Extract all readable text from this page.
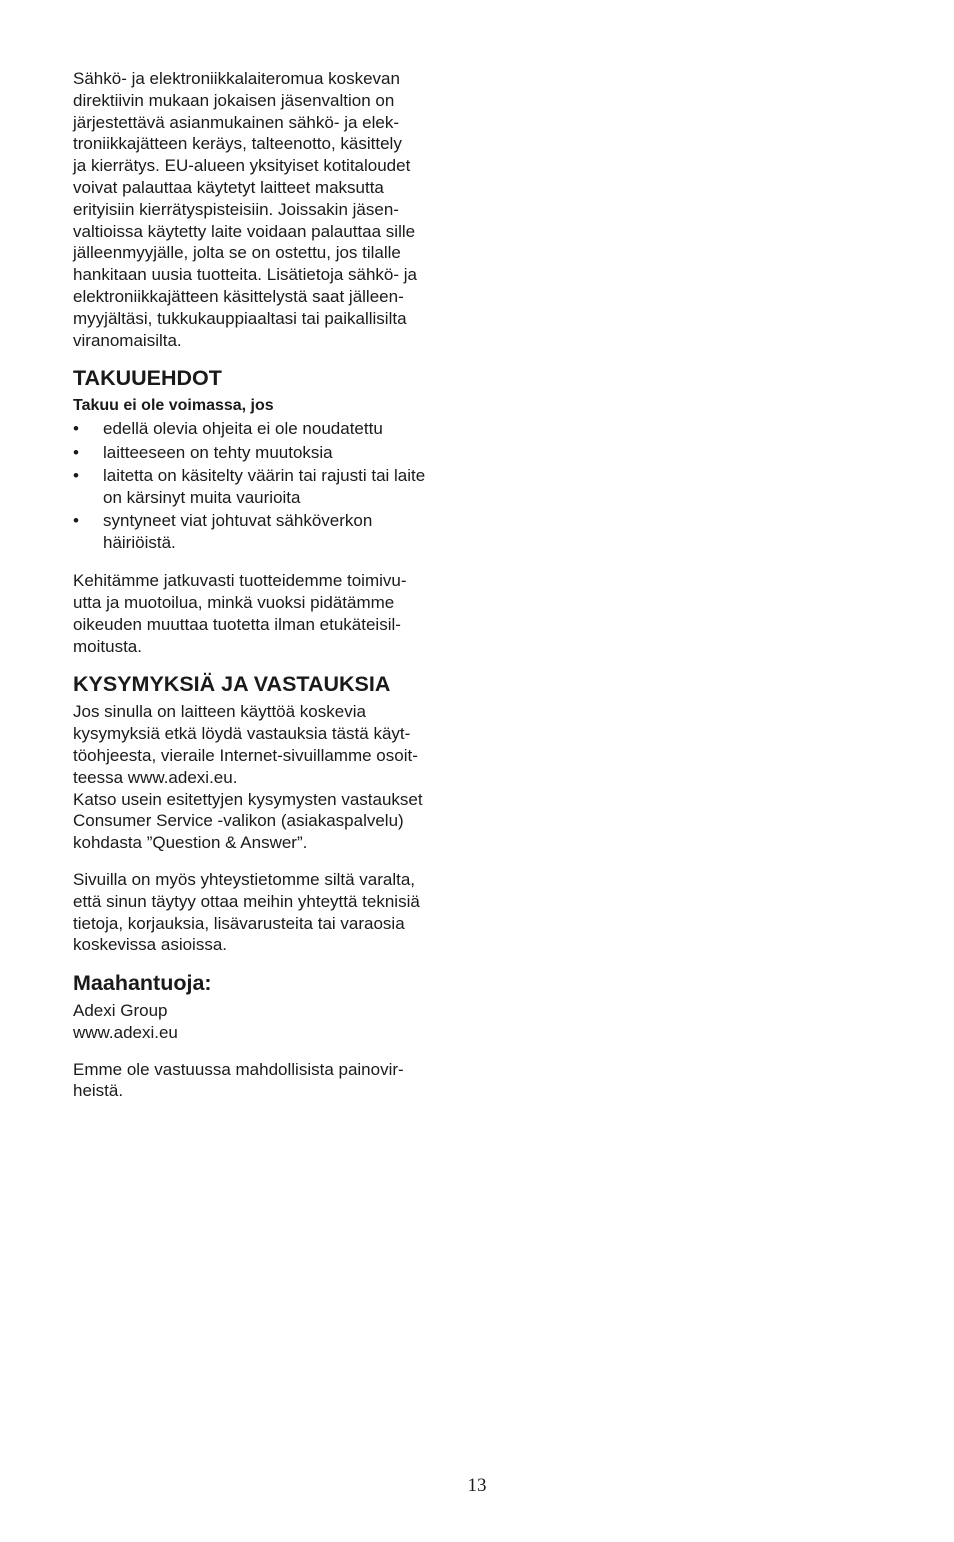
Sähkö- ja elektroniikkalaiteromua koskevan
direktiivin mukaan jokaisen jäsenvaltion on
järjestettävä asianmukainen sähkö- ja elek-
troniikkajätteen keräys, talteenotto, käsittely
ja kierrätys. EU-alueen yksityiset kotitaloudet
voivat palauttaa käytetyt laitteet maksutta
erityisiin kierrätyspisteisiin. Joissakin jäsen-
valtioissa käytetty laite voidaan palauttaa sille
jälleenmyyjälle, jolta se on ostettu, jos tilalle
hankitaan uusia tuotteita. Lisätietoja sähkö- ja
elektroniikkajätteen käsittelystä saat jälleen-
myyjältäsi, tukkukauppiaaltasi tai paikallisilta
viranomaisilta.

TAKUUEHDOT
Takuu ei ole voimassa, jos
• edellä olevia ohjeita ei ole noudatettu
• laitteeseen on tehty muutoksia
• laitetta on käsitelty väärin tai rajusti tai laite
on kärsinyt muita vaurioita
• syntyneet viat johtuvat sähköverkon
häiriöistä.

Kehitämme jatkuvasti tuotteidemme toimivu-
utta ja muotoilua, minkä vuoksi pidätämme
oikeuden muuttaa tuotetta ilman etukäteisil-
moitusta.

KYSYMYKSIÄ JA VASTAUKSIA

Jos sinulla on laitteen käyttöä koskevia
kysymyksiä etkä löydä vastauksia tästä käyt-
töohjeesta, vieraile Internet-sivuillamme osoit-
teessa www.adexi.eu.
Katso usein esitettyjen kysymysten vastaukset
Consumer Service -valikon (asiakaspalvelu)
kohdasta ”Question & Answer”.

Sivuilla on myös yhteystietomme siltä varalta,
että sinun täytyy ottaa meihin yhteyttä teknisiä
tietoja, korjauksia, lisävarusteita tai varaosia
koskevissa asioissa.

Maahantuoja:

Adexi Group
www.adexi.eu

Emme ole vastuussa mahdollisista painovir-
heistä.

13
